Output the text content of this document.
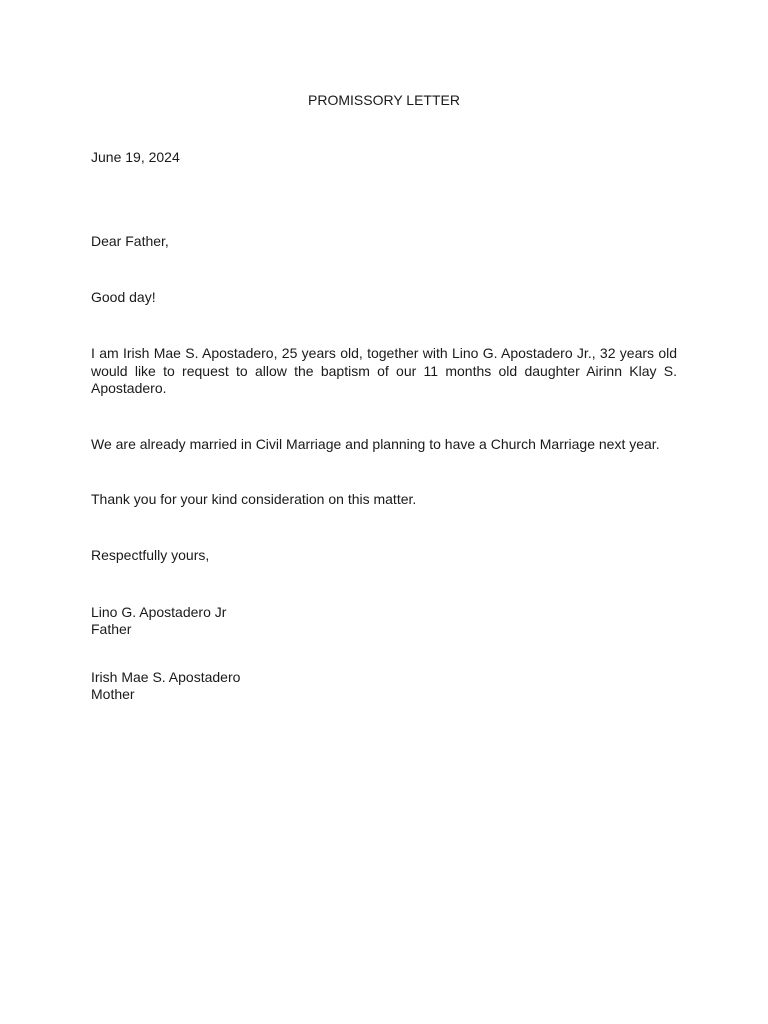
PROMISSORY LETTER
June 19, 2024
Dear Father,
Good day!
I am Irish Mae S. Apostadero, 25 years old, together with Lino G. Apostadero Jr., 32 years old would like to request to allow the baptism of our 11 months old daughter Airinn Klay S. Apostadero.
We are already married in Civil Marriage and planning to have a Church Marriage next year.
Thank you for your kind consideration on this matter.
Respectfully yours,
Lino G. Apostadero Jr
Father
Irish Mae S. Apostadero
Mother
